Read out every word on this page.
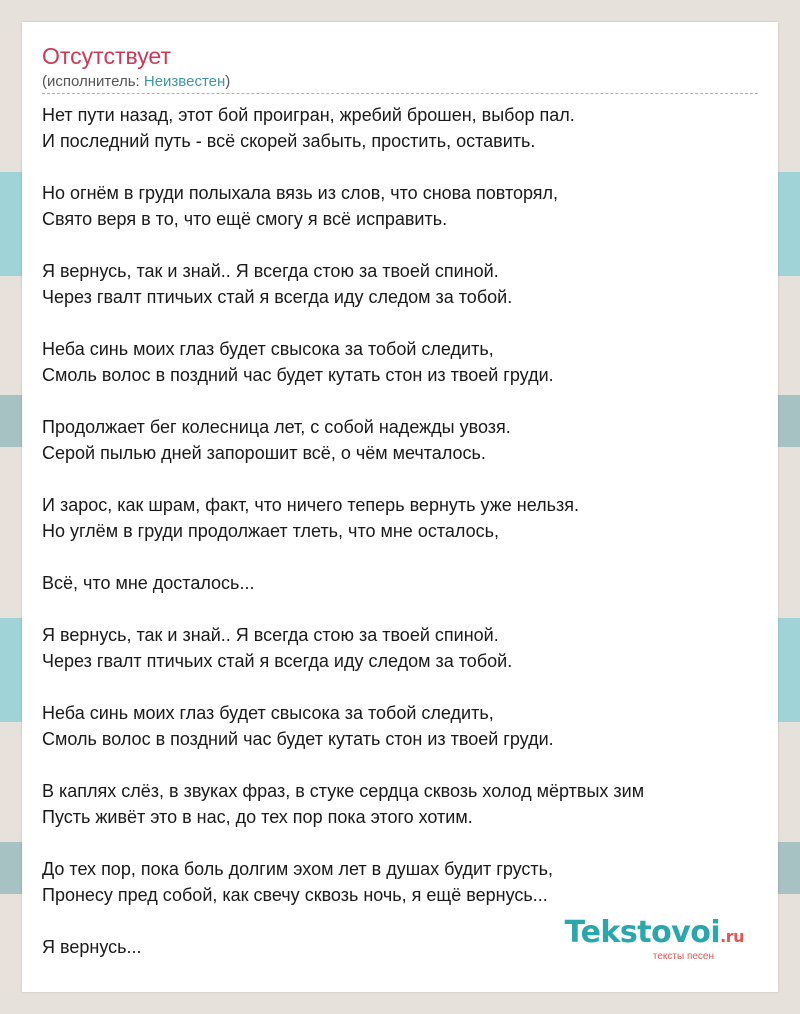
Отсутствует
(исполнитель: Неизвестен)
Нет пути назад, этот бой проигран, жребий брошен, выбор пал.
И последний путь - всё скорей забыть, простить, оставить.
Но огнём в груди полыхала вязь из слов, что снова повторял,
Свято веря в то, что ещё смогу я всё исправить.
Я вернусь, так и знай.. Я всегда стою за твоей спиной.
Через гвалт птичьих стай я всегда иду следом за тобой.
Неба синь моих глаз будет свысока за тобой следить,
Смоль волос в поздний час будет кутать стон из твоей груди.
Продолжает бег колесница лет, с собой надежды увозя.
Серой пылью дней запорошит всё, о чём мечталось.
И зарос, как шрам, факт, что ничего теперь вернуть уже нельзя.
Но углём в груди продолжает тлеть, что мне осталось,
Всё, что мне досталось...
Я вернусь, так и знай.. Я всегда стою за твоей спиной.
Через гвалт птичьих стай я всегда иду следом за тобой.
Неба синь моих глаз будет свысока за тобой следить,
Смоль волос в поздний час будет кутать стон из твоей груди.
В каплях слёз, в звуках фраз, в стуке сердца сквозь холод мёртвых зим
Пусть живёт это в нас, до тех пор пока этого хотим.
До тех пор, пока боль долгим эхом лет в душах будит грусть,
Пронесу пред собой, как свечу сквозь ночь, я ещё вернусь...
Я вернусь...	Tekstovoi.ru
тексты песен
